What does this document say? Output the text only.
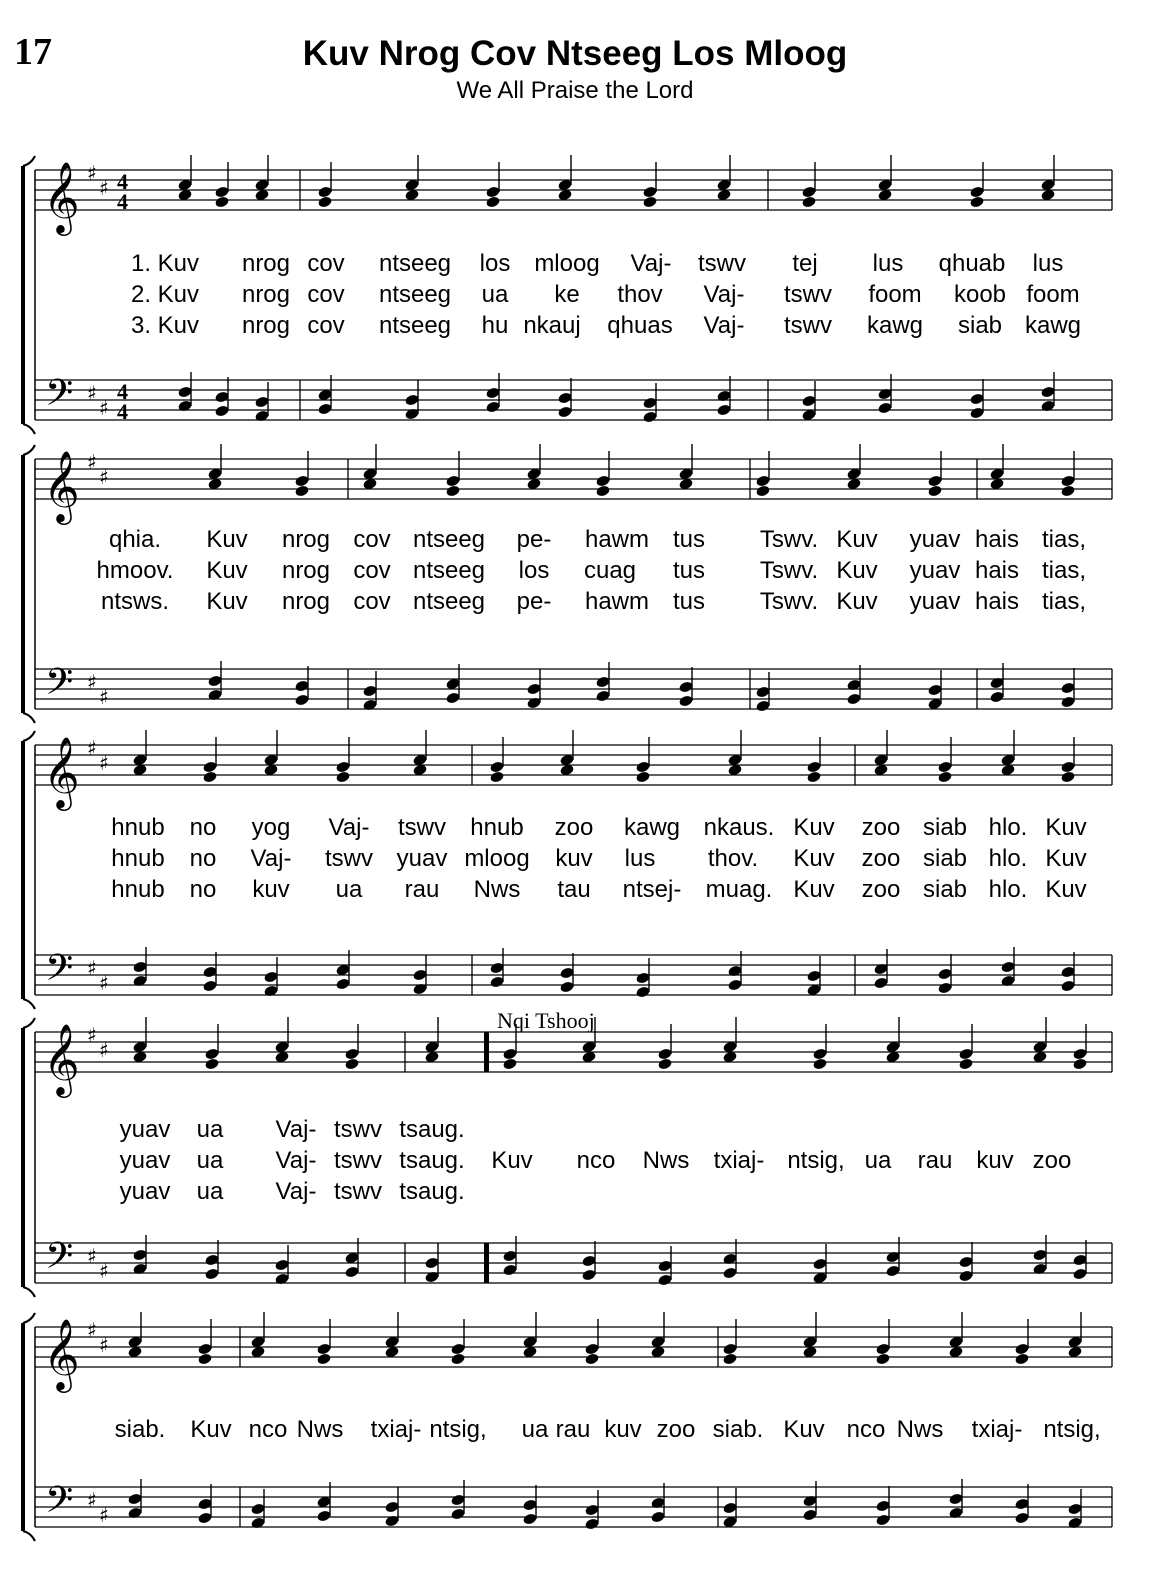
17	Kuv Nrog Cov Ntseeg Los Mloog
We All Praise the Lord
𝄞
𝄢
♯
♯
♯
♯
4
4
4
4
1. Kuv nrog cov ntseeg los mloog Vaj- tswv tej lus qhuab lus
2. Kuv nrog cov ntseeg ua ke thov Vaj- tswv foom koob foom
3. Kuv nrog cov ntseeg hu nkauj qhuas Vaj- tswv kawg siab kawg
𝄞
𝄢
♯
♯
♯
♯
qhia. Kuv nrog cov ntseeg pe- hawm tus Tswv. Kuv yuav hais tias,
hmoov. Kuv nrog cov ntseeg los cuag tus Tswv. Kuv yuav hais tias,
ntsws. Kuv nrog cov ntseeg pe- hawm tus Tswv. Kuv yuav hais tias,
𝄞
𝄢
♯
♯
♯
♯
hnub no yog Vaj- tswv hnub zoo kawg nkaus. Kuv zoo siab hlo. Kuv
hnub no Vaj- tswv yuav mloog kuv lus thov. Kuv zoo siab hlo. Kuv
hnub no kuv ua rau Nws tau ntsej- muag. Kuv zoo siab hlo. Kuv
𝄞
𝄢
♯
♯
♯
♯
yuav ua Vaj- tswv tsaug.
yuav ua Vaj- tswv tsaug. Kuv nco Nws txiaj- ntsig, ua rau kuv zoo
yuav ua Vaj- tswv tsaug.
Nqi Tshooj
𝄞
𝄢
♯
♯
♯
♯
siab. Kuv nco Nws txiaj- ntsig, ua rau kuv zoo siab. Kuv nco Nws txiaj- ntsig,
